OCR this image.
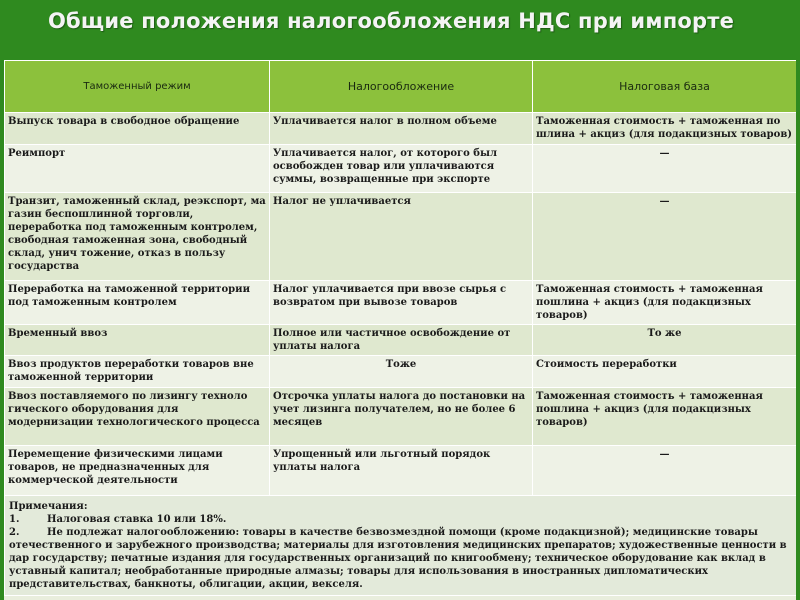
Общие положения налогообложения НДС при импорте
Таможенный режим	Налогообложение	Налоговая база
Выпуск товара в свободное обращение	Уплачивается налог в полном объеме	Таможенная стоимость + таможенная по шлина + акциз (для подакцизных товаров)
Реимпорт	Уплачивается налог, от которого был освобожден товар или уплачиваются суммы, возвращенные при экспорте	—
Транзит, таможенный склад, реэкспорт, ма газин беспошлинной торговли, переработка под таможенным контролем, свободная таможенная зона, свободный склад, унич тожение, отказ в пользу государства	Налог не уплачивается	—
Переработка на таможенной территории под таможенным контролем	Налог уплачивается при ввозе сырья с возвратом при вывозе товаров	Таможенная стоимость + таможенная пошлина + акциз (для подакцизных товаров)
Временный ввоз	Полное или частичное освобождение от уплаты налога	То же
Ввоз продуктов переработки товаров вне таможенной территории	Тоже	Стоимость переработки
Ввоз поставляемого по лизингу техноло гического оборудования для модернизации технологического процесса	Отсрочка уплаты налога до постановки на учет лизинга получателем, но не более 6 месяцев	Таможенная стоимость + таможенная пошлина + акциз (для подакцизных товаров)
Перемещение физическими лицами товаров, не предназначенных для коммерческой деятельности	Упрощенный или льготный порядок уплаты налога	—

Примечания:
1. Налоговая ставка 10 или 18%.
2. Не подлежат налогообложению: товары в качестве безвозмездной помощи (кроме подакцизной); медицинские товары отечественного и зарубежного производства; материалы для изготовления медицинских препаратов; художественные ценности в дар государству; печатные издания для государственных организаций по книгообмену; техническое оборудование как вклад в уставный капитал; необработанные природные алмазы; товары для использования в иностранных дипломатических представительствах, банкноты, облигации, акции, векселя.		
